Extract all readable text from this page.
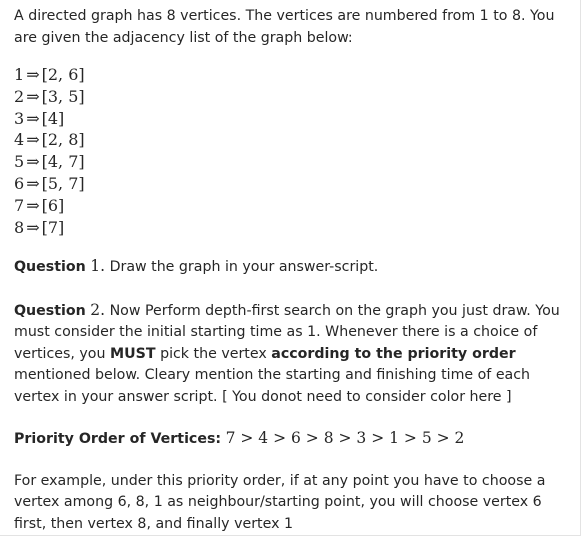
A directed graph has 8 vertices. The vertices are numbered from 1 to 8. You are given the adjacency list of the graph below:

1 ⇒ [2, 6]
2 ⇒ [3, 5]
3 ⇒ [4]
4 ⇒ [2, 8]
5 ⇒ [4, 7]
6 ⇒ [5, 7]
7 ⇒ [6]
8 ⇒ [7]

Question 1. Draw the graph in your answer-script.

Question 2. Now Perform depth-first search on the graph you just draw. You must consider the initial starting time as 1. Whenever there is a choice of vertices, you MUST pick the vertex according to the priority order mentioned below. Cleary mention the starting and finishing time of each vertex in your answer script. [ You donot need to consider color here ]

Priority Order of Vertices: 7 > 4 > 6 > 8 > 3 > 1 > 5 > 2

For example, under this priority order, if at any point you have to choose a vertex among 6, 8, 1 as neighbour/starting point, you will choose vertex 6 first, then vertex 8, and finally vertex 1
